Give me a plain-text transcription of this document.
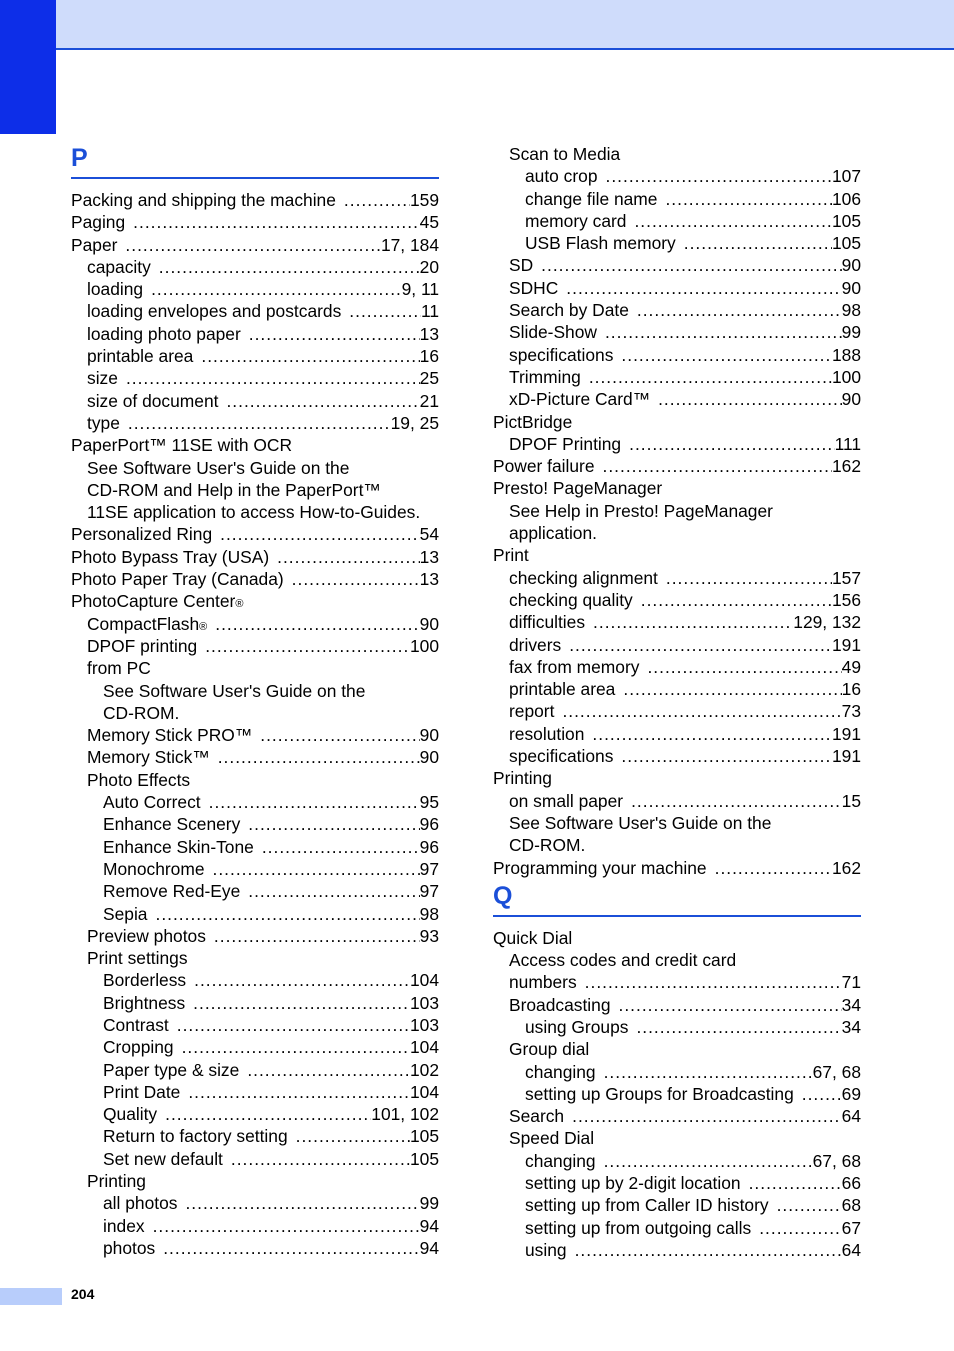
P
Packing and shipping the machine .....	159
Paging .....	45
Paper .....	17, 184
capacity .....	20
loading .....	9, 11
loading envelopes and postcards .....	11
loading photo paper .....	13
printable area .....	16
size .....	25
size of document .....	21
type .....	19, 25
PaperPort™ 11SE with OCR
See Software User's Guide on the
CD-ROM and Help in the PaperPort™
11SE application to access How-to-Guides.
Personalized Ring .....	54
Photo Bypass Tray (USA) .....	13
Photo Paper Tray (Canada) .....	13
PhotoCapture Center ®
CompactFlash ® .....	90
DPOF printing .....	100
from PC
See Software User's Guide on the
CD-ROM.
Memory Stick PRO™ .....	90
Memory Stick™ .....	90
Photo Effects
Auto Correct .....	95
Enhance Scenery .....	96
Enhance Skin-Tone .....	96
Monochrome .....	97
Remove Red-Eye .....	97
Sepia .....	98
Preview photos .....	93
Print settings
Borderless .....	104
Brightness .....	103
Contrast .....	103
Cropping .....	104
Paper type & size .....	102
Print Date .....	104
Quality .....	101, 102
Return to factory setting .....	105
Set new default .....	105
Printing
all photos .....	99
index .....	94
photos .....	94
Scan to Media
auto crop .....	107
change file name .....	106
memory card .....	105
USB Flash memory .....	105
SD .....	90
SDHC .....	90
Search by Date .....	98
Slide-Show .....	99
specifications .....	188
Trimming .....	100
xD-Picture Card™ .....	90
PictBridge
DPOF Printing .....	111
Power failure .....	162
Presto! PageManager
See Help in Presto! PageManager
application.
Print
checking alignment .....	157
checking quality .....	156
difficulties .....	129, 132
drivers .....	191
fax from memory .....	49
printable area .....	16
report .....	73
resolution .....	191
specifications .....	191
Printing
on small paper .....	15
See Software User's Guide on the
CD-ROM.
Programming your machine .....	162
Q
Quick Dial
Access codes and credit card
numbers .....	71
Broadcasting .....	34
using Groups .....	34
Group dial
changing .....	67, 68
setting up Groups for Broadcasting .....	69
Search .....	64
Speed Dial
changing .....	67, 68
setting up by 2-digit location .....	66
setting up from Caller ID history .....	68
setting up from outgoing calls .....	67
using .....	64
204
